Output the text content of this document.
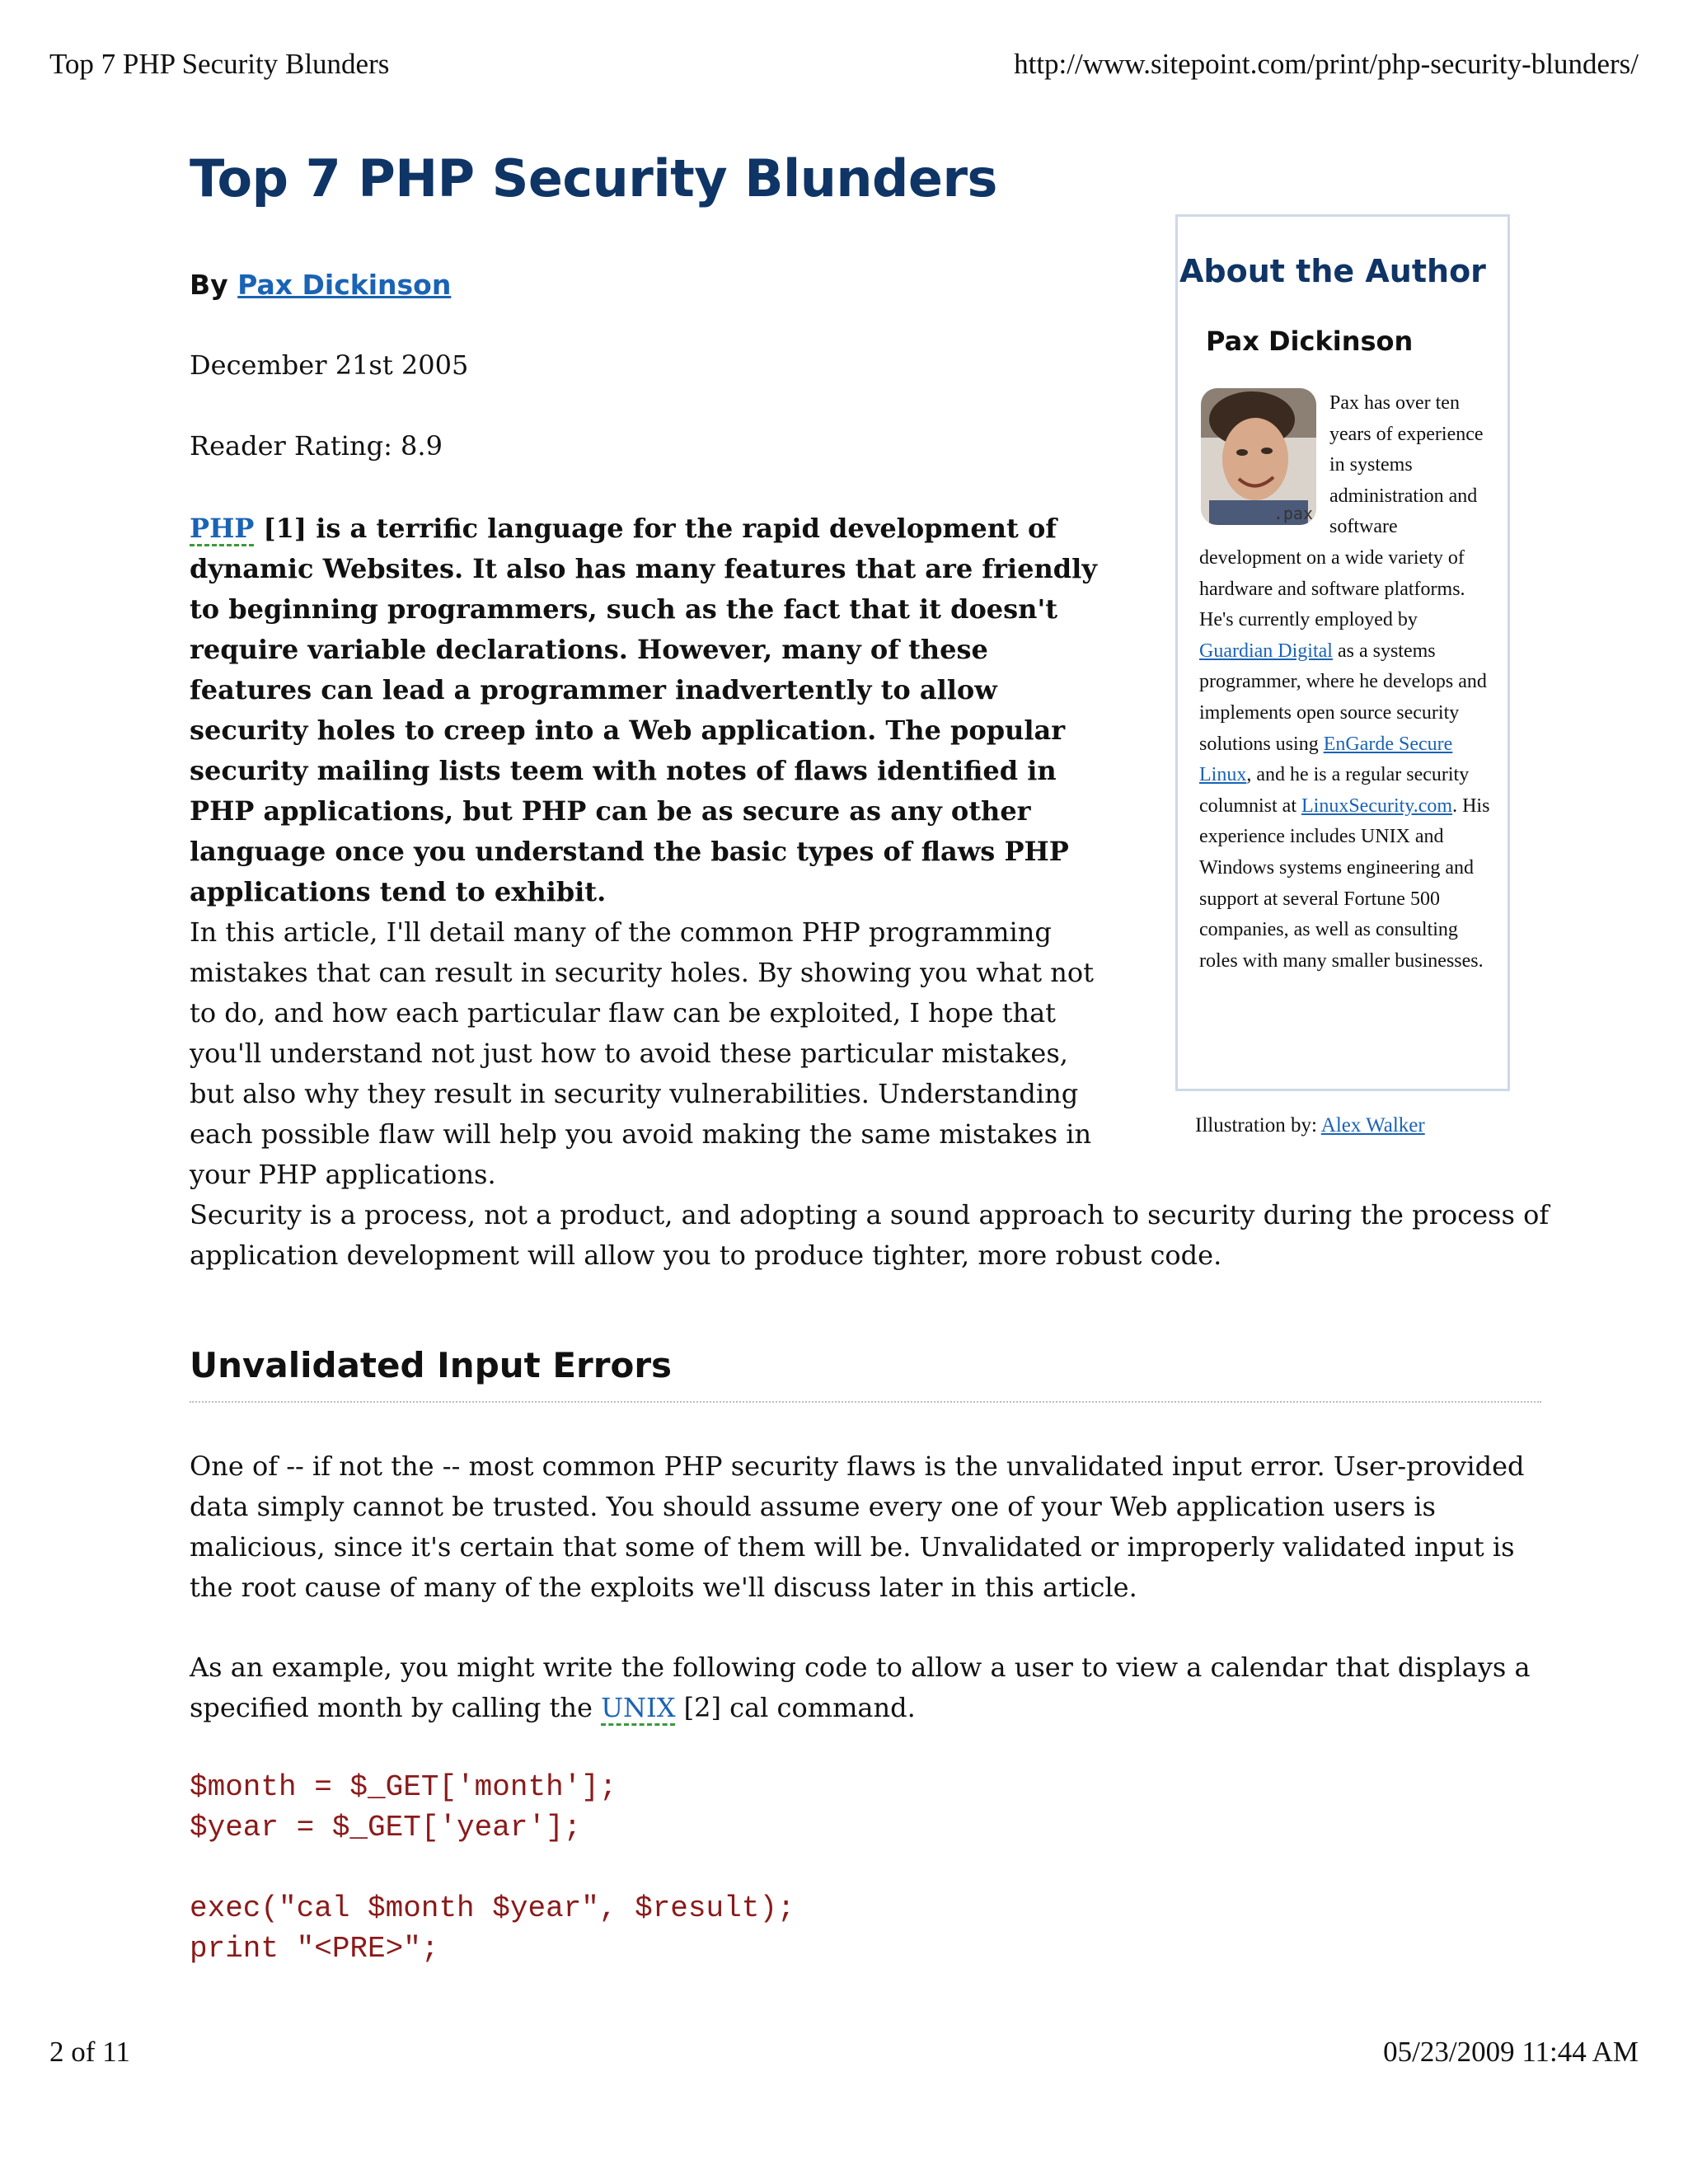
Top 7 PHP Security Blunders	http://www.sitepoint.com/print/php-security-blunders/
Top 7 PHP Security Blunders
By Pax Dickinson
December 21st 2005
Reader Rating: 8.9

PHP [1] is a terrific language for the rapid development of dynamic Websites. It also has many features that are friendly to beginning programmers, such as the fact that it doesn't require variable declarations. However, many of these features can lead a programmer inadvertently to allow security holes to creep into a Web application. The popular security mailing lists teem with notes of flaws identified in PHP applications, but PHP can be as secure as any other language once you understand the basic types of flaws PHP applications tend to exhibit.

In this article, I'll detail many of the common PHP programming mistakes that can result in security holes. By showing you what not to do, and how each particular flaw can be exploited, I hope that you'll understand not just how to avoid these particular mistakes, but also why they result in security vulnerabilities. Understanding each possible flaw will help you avoid making the same mistakes in your PHP applications.

Security is a process, not a product, and adopting a sound approach to security during the process of application development will allow you to produce tighter, more robust code.

Unvalidated Input Errors

One of -- if not the -- most common PHP security flaws is the unvalidated input error. User-provided data simply cannot be trusted. You should assume every one of your Web application users is malicious, since it's certain that some of them will be. Unvalidated or improperly validated input is the root cause of many of the exploits we'll discuss later in this article.

As an example, you might write the following code to allow a user to view a calendar that displays a specified month by calling the UNIX [2] cal command.

$month = $_GET['month'];
$year = $_GET['year'];

exec("cal $month $year", $result);
print "<PRE>";
About the Author
Pax Dickinson
.pax

Pax has over ten years of experience in systems administration and software development on a wide variety of hardware and software platforms. He's currently employed by Guardian Digital as a systems programmer, where he develops and implements open source security solutions using EnGarde Secure Linux, and he is a regular security columnist at LinuxSecurity.com. His experience includes UNIX and Windows systems engineering and support at several Fortune 500 companies, as well as consulting roles with many smaller businesses.

Illustration by: Alex Walker
2 of 11	05/23/2009 11:44 AM
